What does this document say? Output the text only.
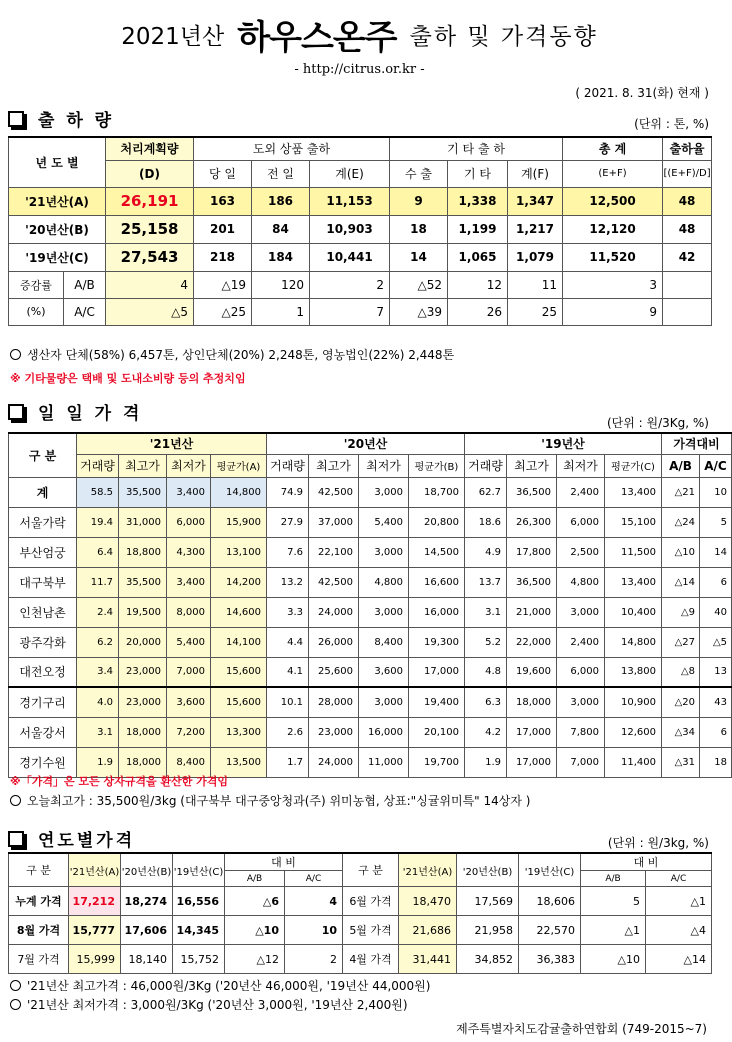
2021년산 하우스온주 출하 및 가격동향
- http://citrus.or.kr -
( 2021. 8. 31(화) 현재 )
출 하 량	(단위 : 톤, %)
년 도 별		처리계획량	도외 상품 출하			기 타 출 하			총 계	출하율
		(D)	당 일	전 일	계(E)	수 출	기 타	계(F)	(E+F)	[(E+F)/D]
'21년산(A)		26,191	163	186	11,153	9	1,338	1,347	12,500	48
'20년산(B)		25,158	201	84	10,903	18	1,199	1,217	12,120	48
'19년산(C)		27,543	218	184	10,441	14	1,065	1,079	11,520	42
증감률	A/B	4	△19	120	2	△52	12	11	3	
(%)	A/C	△5	△25	1	7	△39	26	25	9	
생산자 단체(58%) 6,457톤, 상인단체(20%) 2,248톤, 영농법인(22%) 2,448톤
※ 기타물량은 택배 및 도내소비량 등의 추정치임
일 일 가 격	(단위 : 원/3Kg, %)
구 분	'21년산				'20년산				'19년산				가격대비	
	거래량	최고가	최저가	평균가(A)	거래량	최고가	최저가	평균가(B)	거래량	최고가	최저가	평균가(C)	A/B	A/C
계	58.5	35,500	3,400	14,800	74.9	42,500	3,000	18,700	62.7	36,500	2,400	13,400	△21	10
서울가락	19.4	31,000	6,000	15,900	27.9	37,000	5,400	20,800	18.6	26,300	6,000	15,100	△24	5
부산엄궁	6.4	18,800	4,300	13,100	7.6	22,100	3,000	14,500	4.9	17,800	2,500	11,500	△10	14
대구북부	11.7	35,500	3,400	14,200	13.2	42,500	4,800	16,600	13.7	36,500	4,800	13,400	△14	6
인천남촌	2.4	19,500	8,000	14,600	3.3	24,000	3,000	16,000	3.1	21,000	3,000	10,400	△9	40
광주각화	6.2	20,000	5,400	14,100	4.4	26,000	8,400	19,300	5.2	22,000	2,400	14,800	△27	△5
대전오정	3.4	23,000	7,000	15,600	4.1	25,600	3,600	17,000	4.8	19,600	6,000	13,800	△8	13
경기구리	4.0	23,000	3,600	15,600	10.1	28,000	3,000	19,400	6.3	18,000	3,000	10,900	△20	43
서울강서	3.1	18,000	7,200	13,300	2.6	23,000	16,000	20,100	4.2	17,000	7,800	12,600	△34	6
경기수원	1.9	18,000	8,400	13,500	1.7	24,000	11,000	19,700	1.9	17,000	7,000	11,400	△31	18
※「가격」은 모든 상자규격을 환산한 가격임
오늘최고가 : 35,500원/3kg (대구북부 대구중앙청과(주) 위미농협, 상표:"싱귤위미특" 14상자 )
연도별가격	(단위 : 원/3kg, %)
구 분	'21년산(A)	'20년산(B)	'19년산(C)	대 비		구 분	'21년산(A)	'20년산(B)	'19년산(C)	대 비	
				A/B	A/C					A/B	A/C
누계 가격	17,212	18,274	16,556	△6	4	6월 가격	18,470	17,569	18,606	5	△1
8월 가격	15,777	17,606	14,345	△10	10	5월 가격	21,686	21,958	22,570	△1	△4
7월 가격	15,999	18,140	15,752	△12	2	4월 가격	31,441	34,852	36,383	△10	△14
'21년산 최고가격 : 46,000원/3Kg ('20년산 46,000원, '19년산 44,000원)
'21년산 최저가격 : 3,000원/3Kg ('20년산 3,000원, '19년산 2,400원)
제주특별자치도감귤출하연합회 (749-2015~7)
